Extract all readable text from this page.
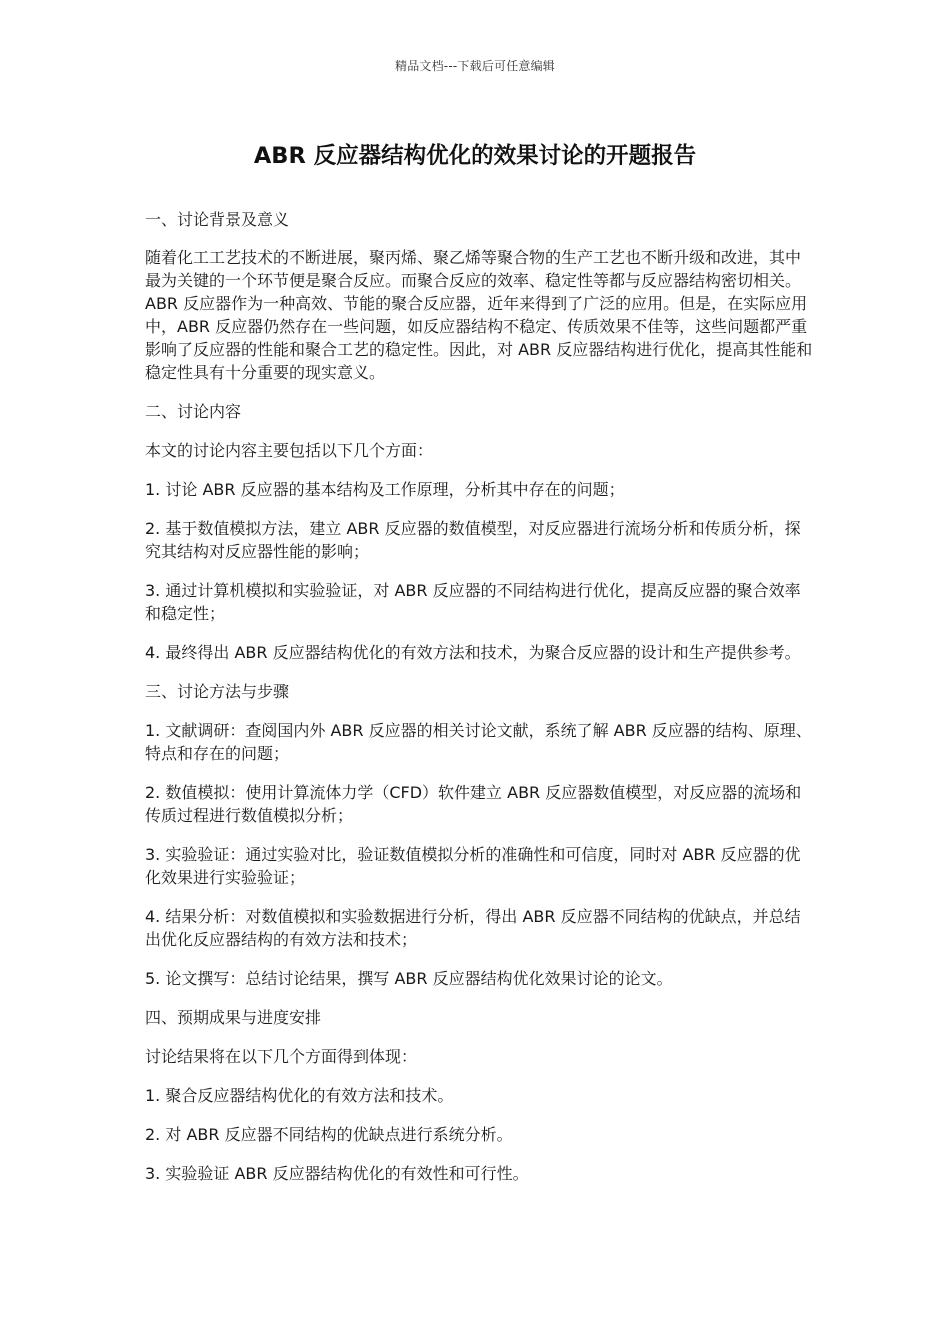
精品文档---下载后可任意编辑
ABR 反应器结构优化的效果讨论的开题报告
一、讨论背景及意义
随着化工工艺技术的不断进展，聚丙烯、聚乙烯等聚合物的生产工艺也不断升级和改进，其中最为关键的一个环节便是聚合反应。而聚合反应的效率、稳定性等都与反应器结构密切相关。ABR 反应器作为一种高效、节能的聚合反应器，近年来得到了广泛的应用。但是，在实际应用中，ABR 反应器仍然存在一些问题，如反应器结构不稳定、传质效果不佳等，这些问题都严重影响了反应器的性能和聚合工艺的稳定性。因此，对 ABR 反应器结构进行优化，提高其性能和稳定性具有十分重要的现实意义。
二、讨论内容
本文的讨论内容主要包括以下几个方面：
1. 讨论 ABR 反应器的基本结构及工作原理，分析其中存在的问题；
2. 基于数值模拟方法，建立 ABR 反应器的数值模型，对反应器进行流场分析和传质分析，探究其结构对反应器性能的影响；
3. 通过计算机模拟和实验验证，对 ABR 反应器的不同结构进行优化，提高反应器的聚合效率和稳定性；
4. 最终得出 ABR 反应器结构优化的有效方法和技术，为聚合反应器的设计和生产提供参考。
三、讨论方法与步骤
1. 文献调研：查阅国内外 ABR 反应器的相关讨论文献，系统了解 ABR 反应器的结构、原理、特点和存在的问题；
2. 数值模拟：使用计算流体力学（CFD）软件建立 ABR 反应器数值模型，对反应器的流场和传质过程进行数值模拟分析；
3. 实验验证：通过实验对比，验证数值模拟分析的准确性和可信度，同时对 ABR 反应器的优化效果进行实验验证；
4. 结果分析：对数值模拟和实验数据进行分析，得出 ABR 反应器不同结构的优缺点，并总结出优化反应器结构的有效方法和技术；
5. 论文撰写：总结讨论结果，撰写 ABR 反应器结构优化效果讨论的论文。
四、预期成果与进度安排
讨论结果将在以下几个方面得到体现：
1. 聚合反应器结构优化的有效方法和技术。
2. 对 ABR 反应器不同结构的优缺点进行系统分析。
3. 实验验证 ABR 反应器结构优化的有效性和可行性。
